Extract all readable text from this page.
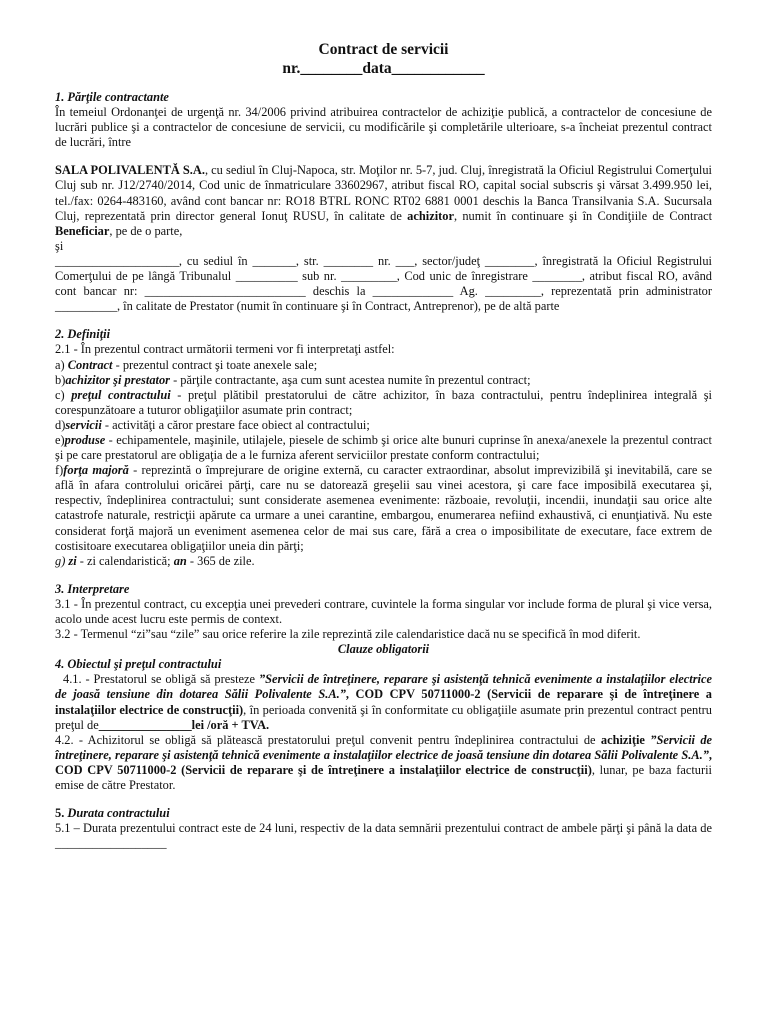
Contract de servicii

nr.________data____________

1. Părţile contractante

În temeiul Ordonanţei de urgenţă nr. 34/2006 privind atribuirea contractelor de achiziţie publică, a contractelor de concesiune de lucrări publice şi a contractelor de concesiune de servicii, cu modificările şi completările ulterioare, s-a încheiat prezentul contract de lucrări, între

SALA POLIVALENTĂ S.A., cu sediul în Cluj-Napoca, str. Moţilor nr. 5-7, jud. Cluj, înregistrată la Oficiul Registrului Comerţului Cluj sub nr. J12/2740/2014, Cod unic de înmatriculare 33602967, atribut fiscal RO, capital social subscris şi vărsat 3.499.950 lei, tel./fax: 0264-483160, având cont bancar nr: RO18 BTRL RONC RT02 6881 0001 deschis la Banca Transilvania S.A. Sucursala Cluj, reprezentată prin director general Ionuţ RUSU, în calitate de achizitor, numit în continuare şi în Condiţiile de Contract Beneficiar, pe de o parte,

şi

____________________, cu sediul în _______, str. ________ nr. ___, sector/judeţ ________, înregistrată la Oficiul Registrului Comerţului de pe lângă Tribunalul __________ sub nr. _________, Cod unic de înregistrare ________, atribut fiscal RO, având cont bancar nr: __________________________ deschis la _____________ Ag. _________, reprezentată prin administrator __________, în calitate de Prestator (numit în continuare şi în Contract, Antreprenor), pe de altă parte

2. Definiţii

2.1 - În prezentul contract următorii termeni vor fi interpretaţi astfel:

a) Contract - prezentul contract şi toate anexele sale;

b)achizitor şi prestator - părţile contractante, aşa cum sunt acestea numite în prezentul contract;

c) preţul contractului - preţul plătibil prestatorului de către achizitor, în baza contractului, pentru îndeplinirea integrală şi corespunzătoare a tuturor obligaţiilor asumate prin contract;

d)servicii - activităţi a căror prestare face obiect al contractului;

e)produse - echipamentele, maşinile, utilajele, piesele de schimb şi orice alte bunuri cuprinse în anexa/anexele la prezentul contract şi pe care prestatorul are obligaţia de a le furniza aferent serviciilor prestate conform contractului;

f)forţa majoră - reprezintă o împrejurare de origine externă, cu caracter extraordinar, absolut imprevizibilă şi inevitabilă, care se află în afara controlului oricărei părţi, care nu se datorează greşelii sau vinei acestora, şi care face imposibilă executarea şi, respectiv, îndeplinirea contractului; sunt considerate asemenea evenimente: războaie, revoluţii, incendii, inundaţii sau orice alte catastrofe naturale, restricţii apărute ca urmare a unei carantine, embargou, enumerarea nefiind exhaustivă, ci enunţiativă. Nu este considerat forţă majoră un eveniment asemenea celor de mai sus care, fără a crea o imposibilitate de executare, face extrem de costisitoare executarea obligaţiilor uneia din părţi;

g) zi - zi calendaristică; an - 365 de zile.

3. Interpretare

3.1 - În prezentul contract, cu excepţia unei prevederi contrare, cuvintele la forma singular vor include forma de plural şi vice versa, acolo unde acest lucru este permis de context.

3.2 - Termenul “zi”sau “zile” sau orice referire la zile reprezintă zile calendaristice dacă nu se specifică în mod diferit.

Clauze obligatorii

4. Obiectul şi preţul contractului

4.1. - Prestatorul se obligă să presteze ”Servicii de întreţinere, reparare şi asistenţă tehnică evenimente a instalaţiilor electrice de joasă tensiune din dotarea Sălii Polivalente S.A.”, COD CPV 50711000-2 (Servicii de reparare şi de întreţinere a instalaţiilor electrice de construcţii), în perioada convenită şi în conformitate cu obligaţiile asumate prin prezentul contract pentru preţul de_______________lei /oră + TVA.

4.2. - Achizitorul se obligă să plătească prestatorului preţul convenit pentru îndeplinirea contractului de achiziţie ”Servicii de întreţinere, reparare şi asistenţă tehnică evenimente a instalaţiilor electrice de joasă tensiune din dotarea Sălii Polivalente S.A.”, COD CPV 50711000-2 (Servicii de reparare şi de întreţinere a instalaţiilor electrice de construcţii), lunar, pe baza facturii emise de către Prestator.

5. Durata contractului

5.1 – Durata prezentului contract este de 24 luni, respectiv de la data semnării prezentului contract de ambele părţi şi până la data de __________________
